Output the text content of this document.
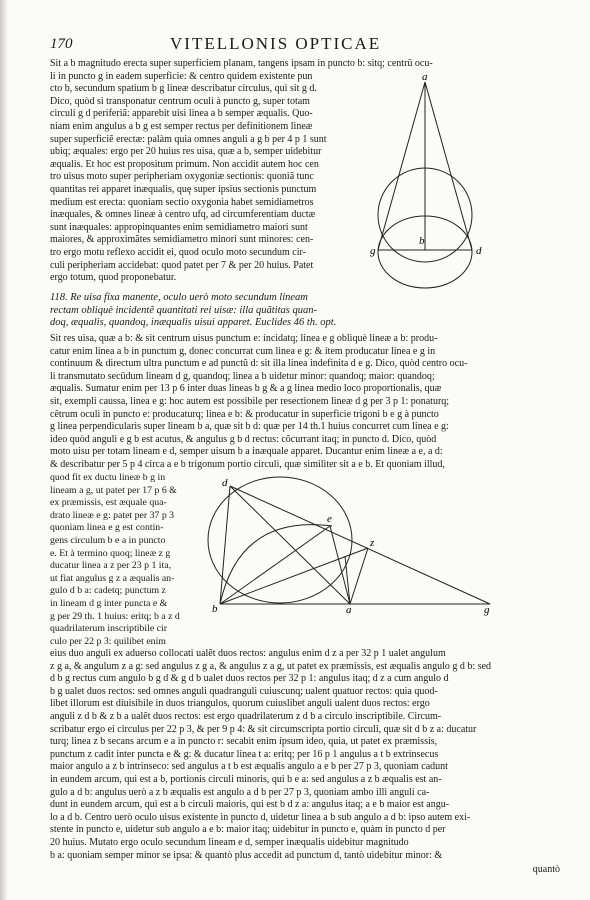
170	VITELLONIS OPTICAE

Sit a b magnitudo erecta super superficiem planam, tangens ipsam in puncto b: sitq; centrũ ocu-

li in puncto g in eadem superficie: & centro quidem existente pun

cto b, secundum spatium b g lineæ describatur circulus, qui sit g d.

Dico, quòd si transponatur centrum oculi à puncto g, super totam

circuli g d periferiã: apparebit uisi linea a b semper æqualis. Quo-

niam enim angulus a b g est semper rectus per definitionem lineæ

super superficiẽ erectæ: palàm quia omnes anguli a g b per 4 p 1 sunt

ubiq; æquales: ergo per 20 huius res uisa, quæ a b, semper uidebitur

æqualis. Et hoc est propositum primum. Non accidit autem hoc cen

tro uisus moto super peripheriam oxygoniæ sectionis: quoniã tunc

quantitas rei apparet inæqualis, quę super ipsius sectionis punctum

medium est erecta: quoniam sectio oxygonia habet semidiametros

inæquales, & omnes lineæ à centro ufq, ad circumferentiam ductæ

sunt inæquales: appropinquantes enim semidiametro maiori sunt

maiores, & approximãtes semidiametro minori sunt minores: cen-

tro ergo motu reflexo accidit ei, quod oculo moto secundum cir-

culi peripheriam accidebat: quod patet per 7 & per 20 huius. Patet

ergo totum, quod proponebatur.

a
b
g	d

118. Re uisa fixa manente, oculo uerò moto secundum lineam

rectam obliquè incidentẽ quantitati rei uisæ: illa quãtitas quan-

doq, æqualis, quandoq, inæqualis uisui apparet. Euclides 46 th. opt.

Sit res uisa, quæ a b: & sit centrum uisus punctum e: incidatq; linea e g obliquè lineæ a b: produ-

catur enim linea a b in punctum g, donec concurrat cum linea e g: & item producatur linea e g in

continuum & directum ultra punctum e ad punctũ d: sit illa linea indefinita d e g. Dico, quòd centro ocu-

li transmutato secũdum lineam d g, quandoq; linea a b uidetur minor: quandoq; maior: quandoq;

æqualis. Sumatur enim per 13 p 6 inter duas lineas b g & a g linea medio loco proportionalis, quæ

sit, exempli caussa, linea e g: hoc autem est possibile per resectionem lineæ d g per 3 p 1: ponaturq;

cẽtrum oculi in puncto e: producaturq; linea e b: & producatur in superficie trigoni b e g à puncto

g linea perpendicularis super lineam b a, quæ sit b d: quæ per 14 th.1 huius concurret cum linea e g:

ideo quòd anguli e g b est acutus, & angulus g b d rectus: cõcurrant itaq; in puncto d. Dico, quòd

moto uisu per totam lineam e d, semper uisum b a inæquale apparet. Ducantur enim lineæ a e, a d:

& describatur per 5 p 4 circa a e b trigonum portio circuli, quæ similiter sit a e b. Et quoniam illud,

quod fit ex ductu lineæ b g in

lineam a g, ut patet per 17 p 6 &

ex præmissis, est æquale qua-

drato lineæ e g: patet per 37 p 3

quoniam linea e g est contin-

gens circulum b e a in puncto

e. Et à termino quoq; lineæ z g

ducatur linea a z per 23 p 1 ita,

ut fiat angulus g z a æqualis an-

gulo d b a: cadetq; punctum z

in lineam d g inter puncta e &

g per 29 th. 1 huius: eritq; b a z d

quadrilaterum inscriptibile cir

culo per 22 p 3: quilibet enim

d
e
z
b	a	g

eius duo anguli ex aduerso collocati ualẽt duos rectos: angulus enim d z a per 32 p 1 ualet angulum

z g a, & angulum z a g: sed angulus z g a, & angulus z a g, ut patet ex præmissis, est æqualis angulo g d b: sed

d b g rectus cum angulo b g d & g d b ualet duos rectos per 32 p 1: angulus itaq; d z a cum angulo d

b g ualet duos rectos: sed omnes anguli quadranguli cuiuscunq; ualent quatuor rectos: quia quod-

libet illorum est diuisibile in duos triangulos, quorum cuiuslibet anguli ualent duos rectos: ergo

anguli z d b & z b a ualẽt duos rectos: est ergo quadrilaterum z d b a circulo inscriptibile. Circum-

scribatur ergo ei circulus per 22 p 3, & per 9 p 4: & sit circumscripta portio circuli, quæ sit d b z a: ducatur

turq; linea z b secans arcum e a in puncto r: secabit enim ipsum ideo, quia, ut patet ex præmissis,

punctum z cadit inter puncta e & g: & ducatur linea t a: eritq; per 16 p 1 angulus a t b extrinsecus

maior angulo a z b intrinseco: sed angulus a t b est æqualis angulo a e b per 27 p 3, quoniam cadunt

in eundem arcum, qui est a b, portionis circuli minoris, qui b e a: sed angulus a z b æqualis est an-

gulo a d b: angulus uerò a z b æqualis est angulo a d b per 27 p 3, quoniam ambo illi anguli ca-

dunt in eundem arcum, qui est a b circuli maioris, qui est b d z a: angulus itaq; a e b maior est angu-

lo a d b. Centro uerò oculo uisus existente in puncto d, uidetur linea a b sub angulo a d b: ipso autem exi-

stente in puncto e, uidetur sub angulo a e b: maior itaq; uidebitur in puncto e, quàm in puncto d per

20 huius. Mutato ergo oculo secundum lineam e d, semper inæqualis uidebitur magnitudo

b a: quoniam semper minor se ipsa: & quantò plus accedit ad punctum d, tantò uidebitur minor: &

quantò
